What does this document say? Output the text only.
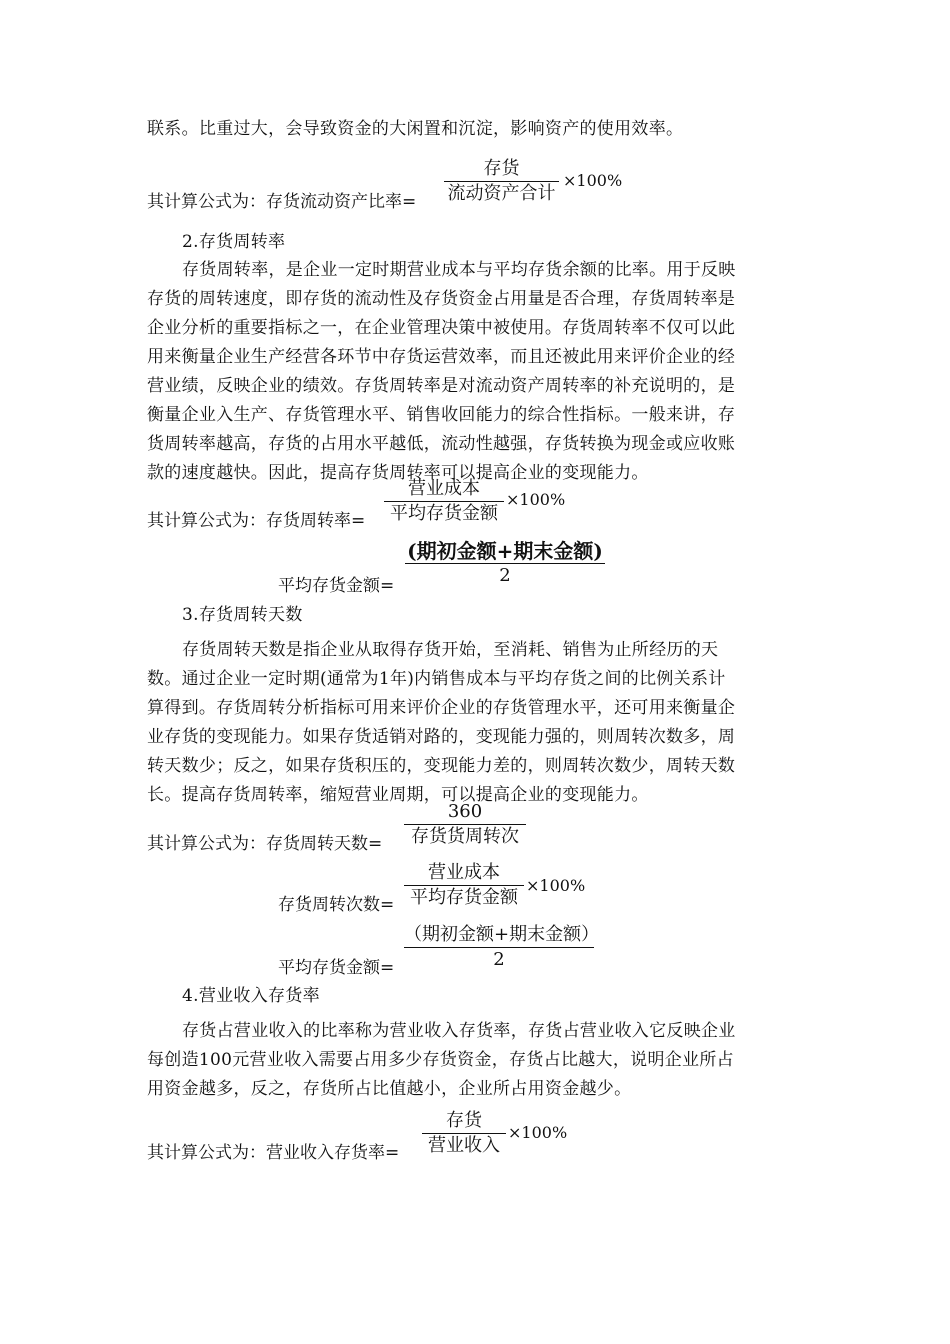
联系。比重过大，会导致资金的大闲置和沉淀，影响资产的使用效率。
存货
流动资产合计
×100%
其计算公式为：存货流动资产比率=
2.存货周转率
存货周转率，是企业一定时期营业成本与平均存货余额的比率。用于反映
存货的周转速度，即存货的流动性及存货资金占用量是否合理，存货周转率是
企业分析的重要指标之一，在企业管理决策中被使用。存货周转率不仅可以此
用来衡量企业生产经营各环节中存货运营效率，而且还被此用来评价企业的经
营业绩，反映企业的绩效。存货周转率是对流动资产周转率的补充说明的，是
衡量企业入生产、存货管理水平、销售收回能力的综合性指标。一般来讲，存
货周转率越高，存货的占用水平越低，流动性越强，存货转换为现金或应收账
款的速度越快。因此，提高存货周转率可以提高企业的变现能力。
营业成本
平均存货金额
×100%
其计算公式为：存货周转率=
(期初金额+期末金额)
2
平均存货金额=
3.存货周转天数
存货周转天数是指企业从取得存货开始，至消耗、销售为止所经历的天
数。通过企业一定时期(通常为1年)内销售成本与平均存货之间的比例关系计
算得到。存货周转分析指标可用来评价企业的存货管理水平，还可用来衡量企
业存货的变现能力。如果存货适销对路的，变现能力强的，则周转次数多，周
转天数少；反之，如果存货积压的，变现能力差的，则周转次数少，周转天数
长。提高存货周转率，缩短营业周期，可以提高企业的变现能力。
360
存货货周转次
其计算公式为：存货周转天数=
营业成本
平均存货金额
×100%
存货周转次数=
（期初金额+期末金额）
2
平均存货金额=
4.营业收入存货率
存货占营业收入的比率称为营业收入存货率，存货占营业收入它反映企业
每创造100元营业收入需要占用多少存货资金，存货占比越大，说明企业所占
用资金越多，反之，存货所占比值越小，企业所占用资金越少。
存货
营业收入
×100%
其计算公式为：营业收入存货率=
